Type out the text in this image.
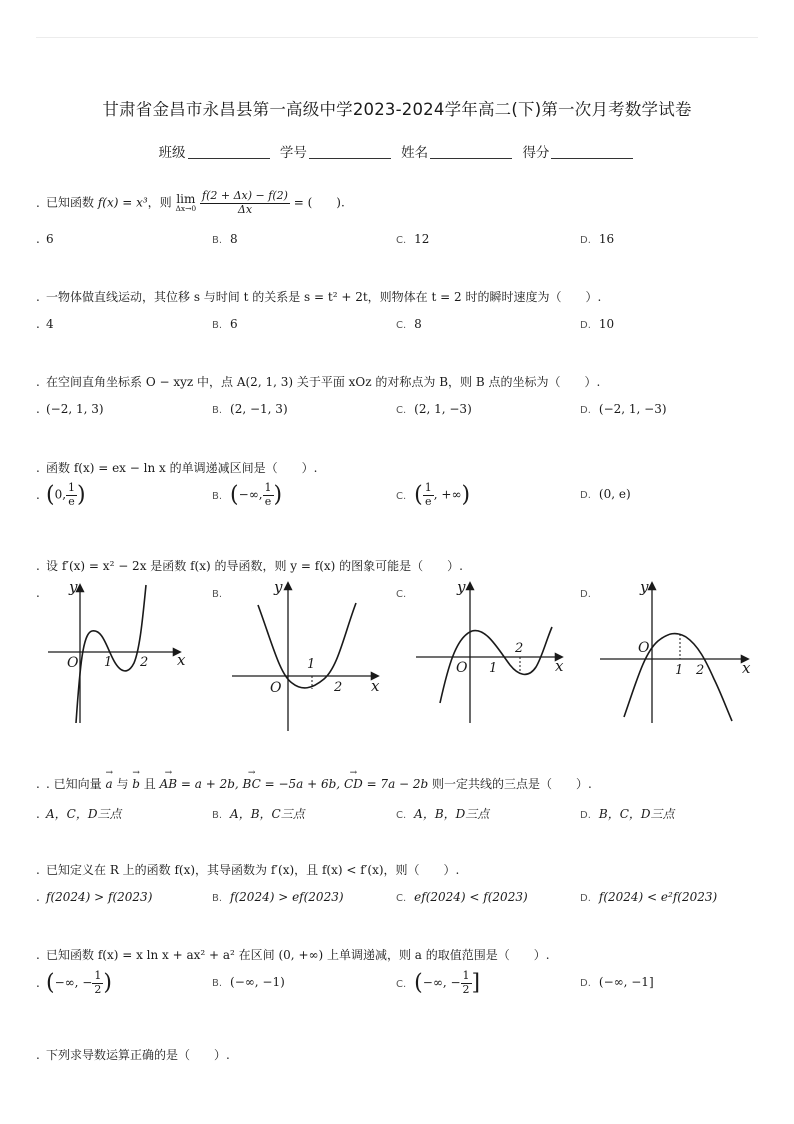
甘肃省金昌市永昌县第一高级中学2023-2024学年高二(下)第一次月考数学试卷
班级	学号	姓名	得分
. 已知函数 f(x) = x³，则 lim
Δx→0
$\frac{f(2 + \Delta x) - f(2)}{\Delta x}$ = (　　).
. 6	B. 8	C. 12	D. 16
. 一物体做直线运动，其位移 s 与时间 t 的关系是 s = t² + 2t，则物体在 t = 2 时的瞬时速度为（　　）.
. 4	B. 6	C. 8	D. 10
. 在空间直角坐标系 O − xyz 中，点 A(2, 1, 3) 关于平面 xOz 的对称点为 B，则 B 点的坐标为（　　）.
. (−2, 1, 3)	B. (2, −1, 3)	C. (2, 1, −3)	D. (−2, 1, −3)
. 函数 f(x) = ex − ln x 的单调递减区间是（　　）.
. (0, $\frac{1}{e}$ )	B. (−∞, $\frac{1}{e}$ )	C. ( $\frac{1}{e}$ , +∞)	D. (0, e)
. 设 f′(x) = x² − 2x 是函数 f(x) 的导函数，则 y = f(x) 的图象可能是（　　）.
.	B.	C.	D.
O 1 2 x
y
1
2
O	x
y
O 1
2
x
y
O
1 2	x
y
. . 已知向量 → a 与 → b 且 → AB = a + 2b, → BC = −5a + 6b, → CD = 7a − 2b 则一定共线的三点是（　　）.
. A，C，D三点	B. A，B，C三点	C. A，B，D三点	D. B，C，D三点
. 已知定义在 R 上的函数 f(x)，其导函数为 f′(x)，且 f(x) < f′(x)，则（　　）.
. f(2024) > f(2023)	B. f(2024) > ef(2023)	C. ef(2024) < f(2023)	D. f(2024) < e²f(2023)
. 已知函数 f(x) = x ln x + ax² + a² 在区间 (0, +∞) 上单调递减，则 a 的取值范围是（　　）.
. (−∞, − $\frac{1}{2}$ )	B. (−∞, −1)	C. (−∞, − $\frac{1}{2}$ ]	D. (−∞, −1]
. 下列求导数运算正确的是（　　）.
